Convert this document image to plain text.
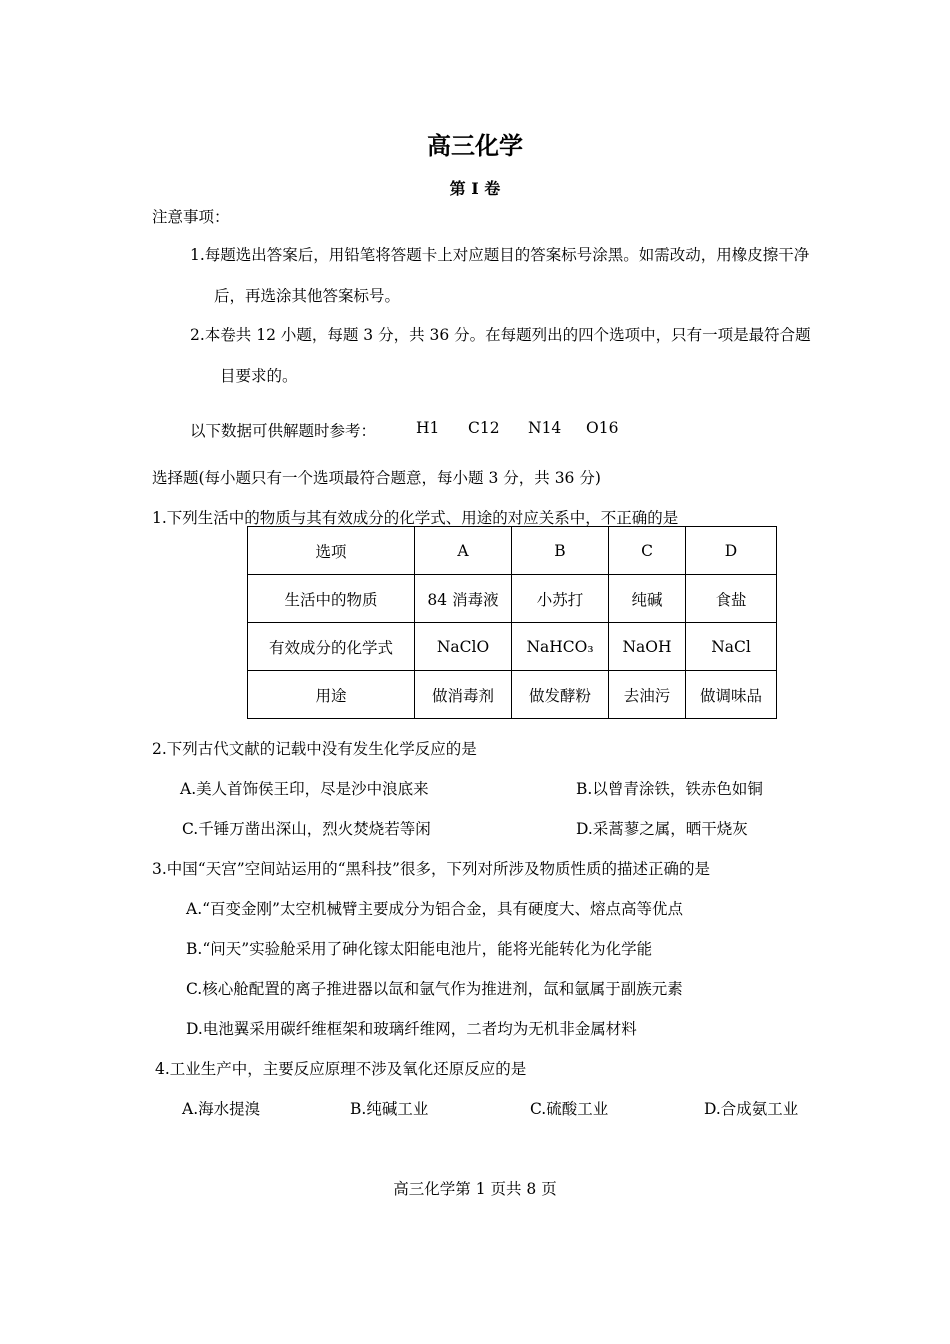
高三化学
第 I 卷
注意事项：
1.每题选出答案后，用铅笔将答题卡上对应题目的答案标号涂黑。如需改动，用橡皮擦干净
后，再选涂其他答案标号。
2.本卷共 12 小题，每题 3 分，共 36 分。在每题列出的四个选项中，只有一项是最符合题
目要求的。
以下数据可供解题时参考：	H1 C12 N14 O16
选择题(每小题只有一个选项最符合题意，每小题 3 分，共 36 分)
1.下列生活中的物质与其有效成分的化学式、用途的对应关系中，不正确的是
选项	A	B	C	D
生活中的物质	84 消毒液	小苏打	纯碱	食盐
有效成分的化学式	NaClO	NaHCO₃	NaOH	NaCl
用途	做消毒剂	做发酵粉	去油污	做调味品
2.下列古代文献的记载中没有发生化学反应的是
A.美人首饰侯王印，尽是沙中浪底来	B.以曾青涂铁，铁赤色如铜
C.千锤万凿出深山，烈火焚烧若等闲	D.采蒿蓼之属，晒干烧灰
3.中国“天宫”空间站运用的“黑科技”很多，下列对所涉及物质性质的描述正确的是
A.“百变金刚”太空机械臂主要成分为铝合金，具有硬度大、熔点高等优点
B.“问天”实验舱采用了砷化镓太阳能电池片，能将光能转化为化学能
C.核心舱配置的离子推进器以氙和氩气作为推进剂，氙和氩属于副族元素
D.电池翼采用碳纤维框架和玻璃纤维网，二者均为无机非金属材料
4.工业生产中，主要反应原理不涉及氧化还原反应的是
A.海水提溴	B.纯碱工业	C.硫酸工业	D.合成氨工业
高三化学第 1 页共 8 页
